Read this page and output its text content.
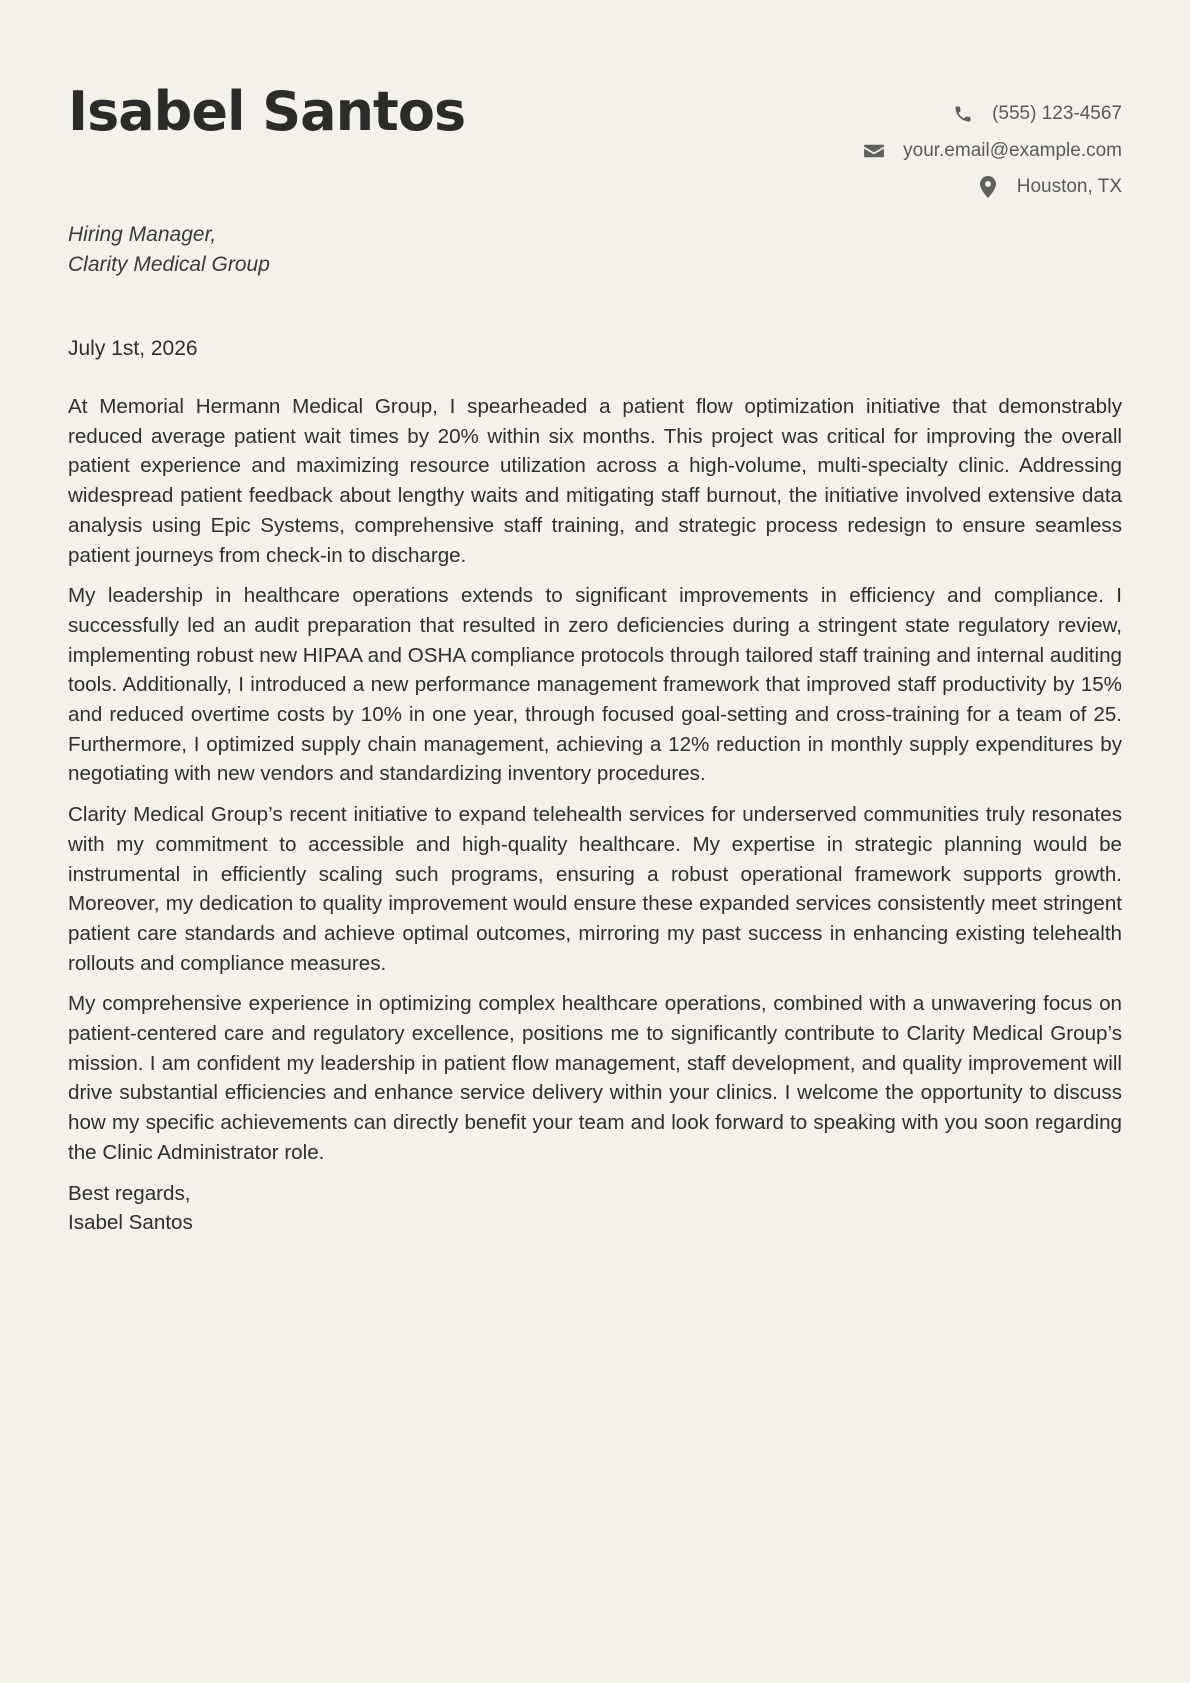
Isabel Santos	(555) 123-4567
your.email@example.com
Houston, TX
Hiring Manager,
Clarity Medical Group
July 1st, 2026

At Memorial Hermann Medical Group, I spearheaded a patient flow optimization initiative that demonstrably reduced average patient wait times by 20% within six months. This project was critical for improving the overall patient experience and maximizing resource utilization across a high-volume, multi-specialty clinic. Addressing widespread patient feedback about lengthy waits and mitigating staff burnout, the initiative involved extensive data analysis using Epic Systems, comprehensive staff training, and strategic process redesign to ensure seamless patient journeys from check-in to discharge.

My leadership in healthcare operations extends to significant improvements in efficiency and compliance. I successfully led an audit preparation that resulted in zero deficiencies during a stringent state regulatory review, implementing robust new HIPAA and OSHA compliance protocols through tailored staff training and internal auditing tools. Additionally, I introduced a new performance management framework that improved staff productivity by 15% and reduced overtime costs by 10% in one year, through focused goal-setting and cross-training for a team of 25. Furthermore, I optimized supply chain management, achieving a 12% reduction in monthly supply expenditures by negotiating with new vendors and standardizing inventory procedures.

Clarity Medical Group’s recent initiative to expand telehealth services for underserved communities truly resonates with my commitment to accessible and high-quality healthcare. My expertise in strategic planning would be instrumental in efficiently scaling such programs, ensuring a robust operational framework supports growth. Moreover, my dedication to quality improvement would ensure these expanded services consistently meet stringent patient care standards and achieve optimal outcomes, mirroring my past success in enhancing existing telehealth rollouts and compliance measures.

My comprehensive experience in optimizing complex healthcare operations, combined with a unwavering focus on patient-centered care and regulatory excellence, positions me to significantly contribute to Clarity Medical Group’s mission. I am confident my leadership in patient flow management, staff development, and quality improvement will drive substantial efficiencies and enhance service delivery within your clinics. I welcome the opportunity to discuss how my specific achievements can directly benefit your team and look forward to speaking with you soon regarding the Clinic Administrator role.

Best regards,
Isabel Santos
